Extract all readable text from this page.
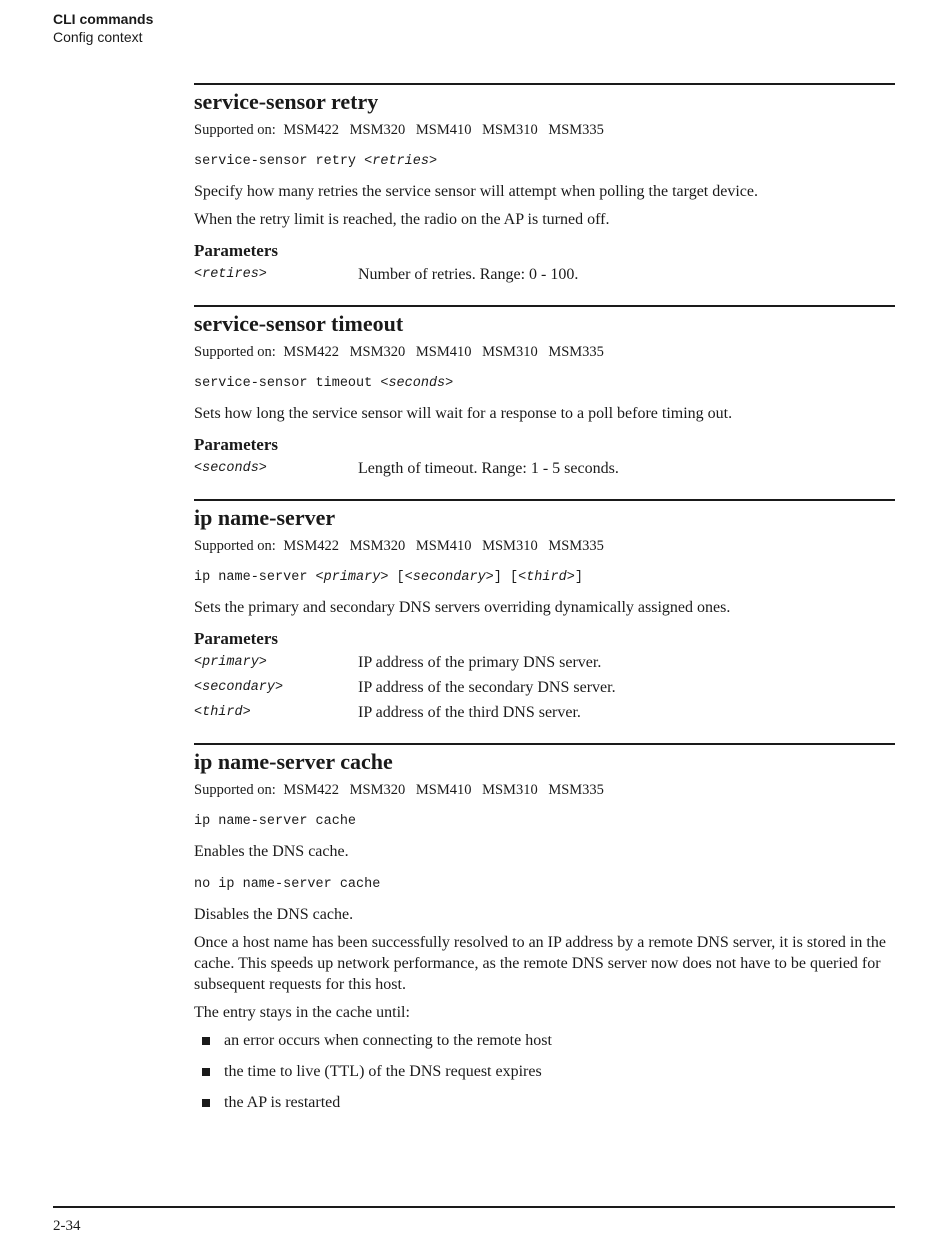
CLI commands
Config context
service-sensor retry
Supported on: MSM422 MSM320 MSM410 MSM310 MSM335
service-sensor retry <retries>
Specify how many retries the service sensor will attempt when polling the target device.
When the retry limit is reached, the radio on the AP is turned off.
Parameters
<retires>	Number of retries. Range: 0 - 100.
service-sensor timeout
Supported on: MSM422 MSM320 MSM410 MSM310 MSM335
service-sensor timeout <seconds>
Sets how long the service sensor will wait for a response to a poll before timing out.
Parameters
<seconds>	Length of timeout. Range: 1 - 5 seconds.
ip name-server
Supported on: MSM422 MSM320 MSM410 MSM310 MSM335
ip name-server <primary> [<secondary>] [<third>]
Sets the primary and secondary DNS servers overriding dynamically assigned ones.
Parameters
<primary>	IP address of the primary DNS server.
<secondary>	IP address of the secondary DNS server.
<third>	IP address of the third DNS server.
ip name-server cache
Supported on: MSM422 MSM320 MSM410 MSM310 MSM335
ip name-server cache
Enables the DNS cache.
no ip name-server cache
Disables the DNS cache.
Once a host name has been successfully resolved to an IP address by a remote DNS server, it is stored in the cache. This speeds up network performance, as the remote DNS server now does not have to be queried for subsequent requests for this host.
The entry stays in the cache until:
an error occurs when connecting to the remote host
the time to live (TTL) of the DNS request expires
the AP is restarted
2-34
